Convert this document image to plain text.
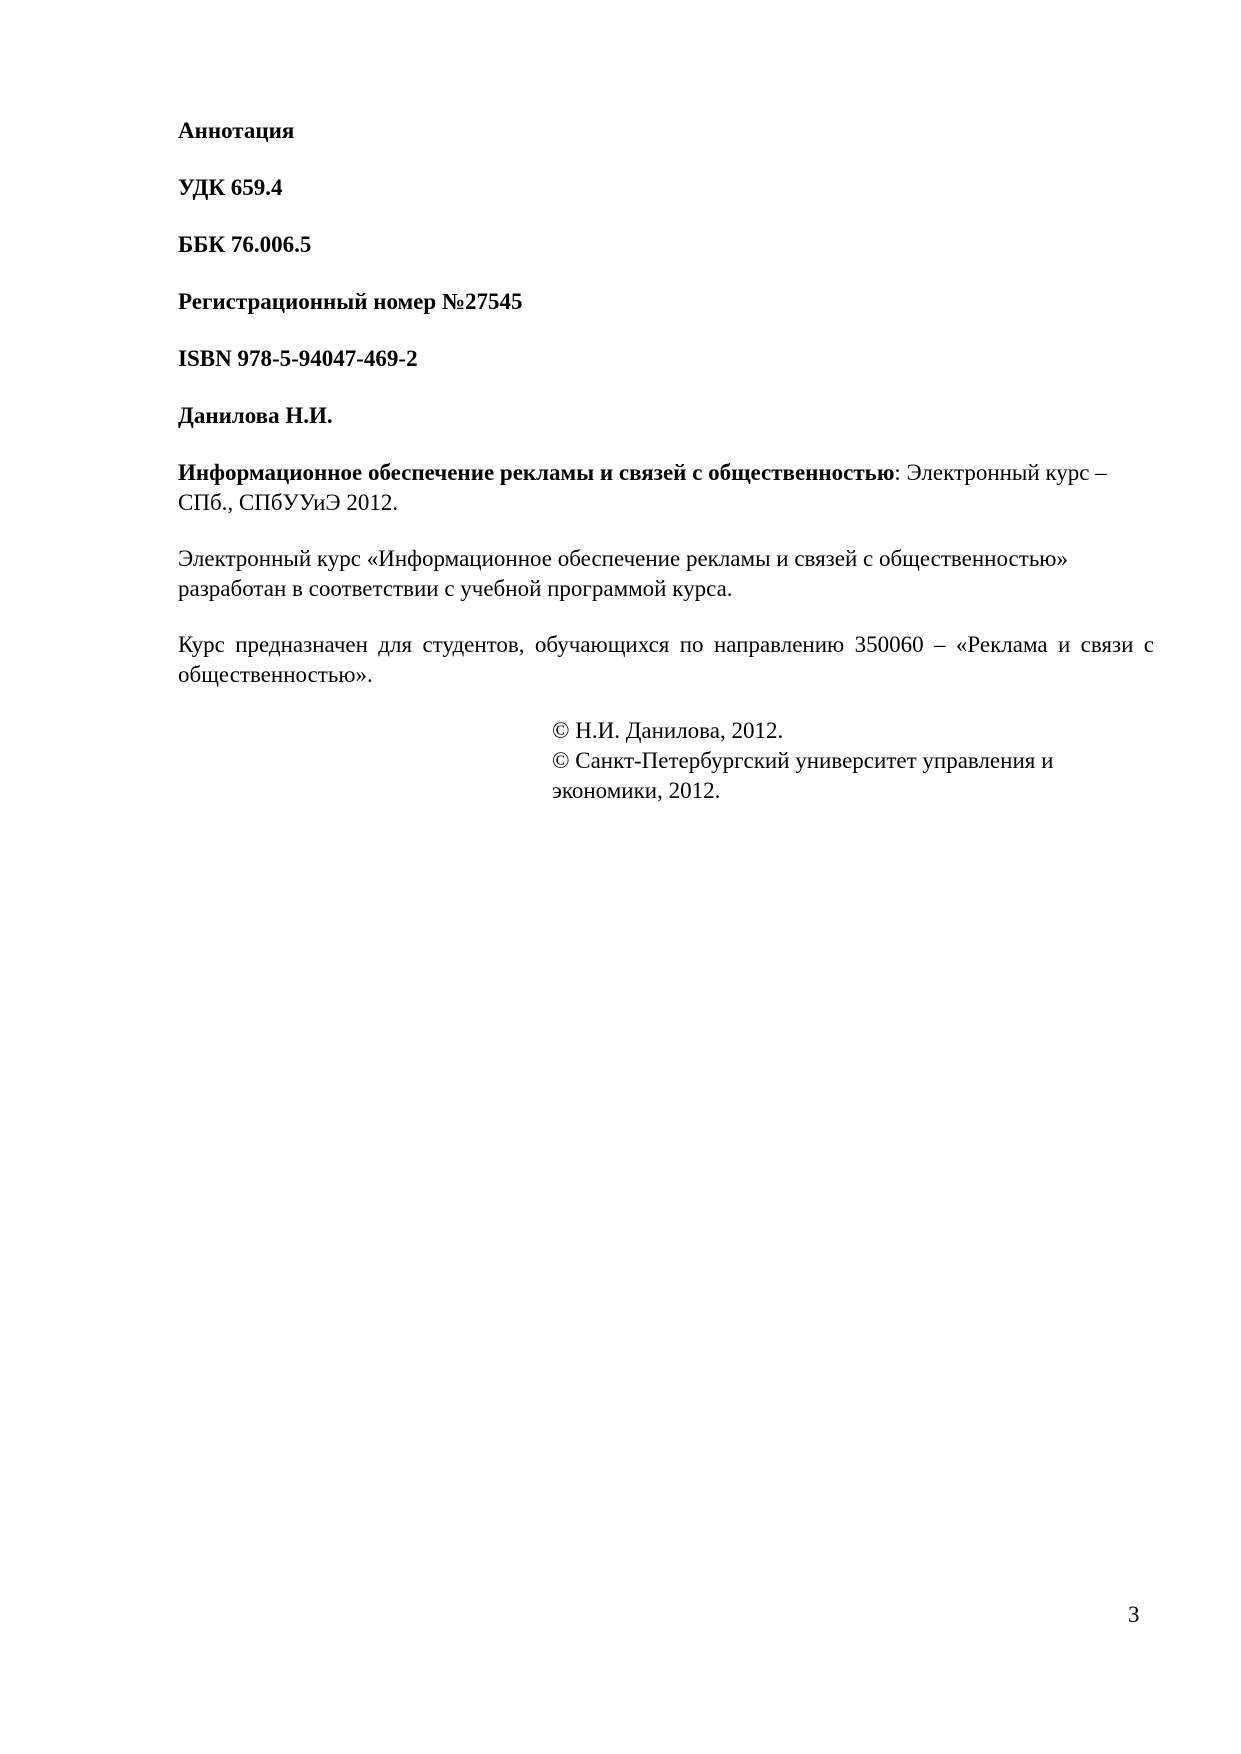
Аннотация
УДК 659.4
ББК 76.006.5
Регистрационный номер №27545
ISBN 978-5-94047-469-2
Данилова Н.И.
Информационное обеспечение рекламы и связей с общественностью: Электронный курс – СПб., СПбУУиЭ 2012.
Электронный курс «Информационное обеспечение рекламы и связей с общественностью» разработан в соответствии с учебной программой курса.
Курс предназначен для студентов, обучающихся по направлению 350060 – «Реклама и связи с общественностью».
© Н.И. Данилова, 2012.
© Санкт-Петербургский университет управления и экономики, 2012.
3
